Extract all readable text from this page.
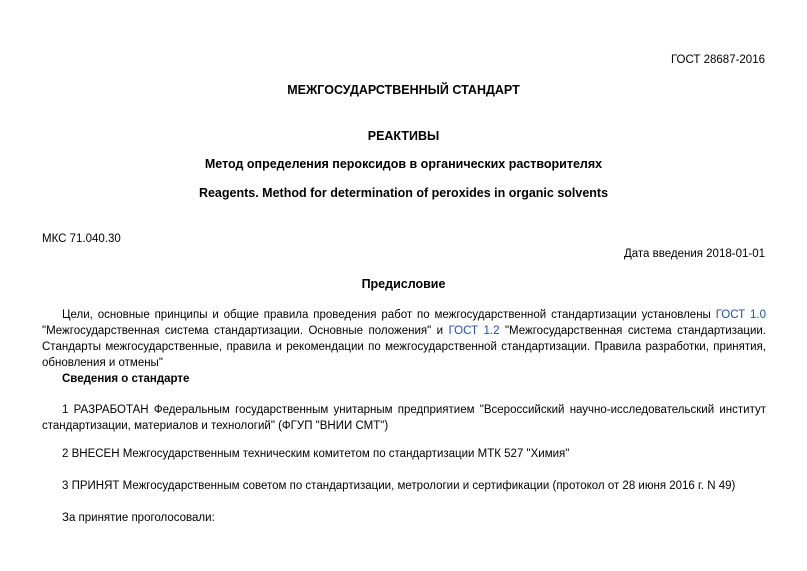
ГОСТ 28687-2016
МЕЖГОСУДАРСТВЕННЫЙ СТАНДАРТ
РЕАКТИВЫ
Метод определения пероксидов в органических растворителях
Reagents. Method for determination of peroxides in organic solvents
МКС 71.040.30
Дата введения 2018-01-01
Предисловие
Цели, основные принципы и общие правила проведения работ по межгосударственной стандартизации установлены ГОСТ 1.0 "Межгосударственная система стандартизации. Основные положения" и ГОСТ 1.2 "Межгосударственная система стандартизации. Стандарты межгосударственные, правила и рекомендации по межгосударственной стандартизации. Правила разработки, принятия, обновления и отмены"
Сведения о стандарте
1 РАЗРАБОТАН Федеральным государственным унитарным предприятием "Всероссийский научно-исследовательский институт стандартизации, материалов и технологий" (ФГУП "ВНИИ СМТ")
2 ВНЕСЕН Межгосударственным техническим комитетом по стандартизации МТК 527 "Химия"
3 ПРИНЯТ Межгосударственным советом по стандартизации, метрологии и сертификации (протокол от 28 июня 2016 г. N 49)
За принятие проголосовали:
